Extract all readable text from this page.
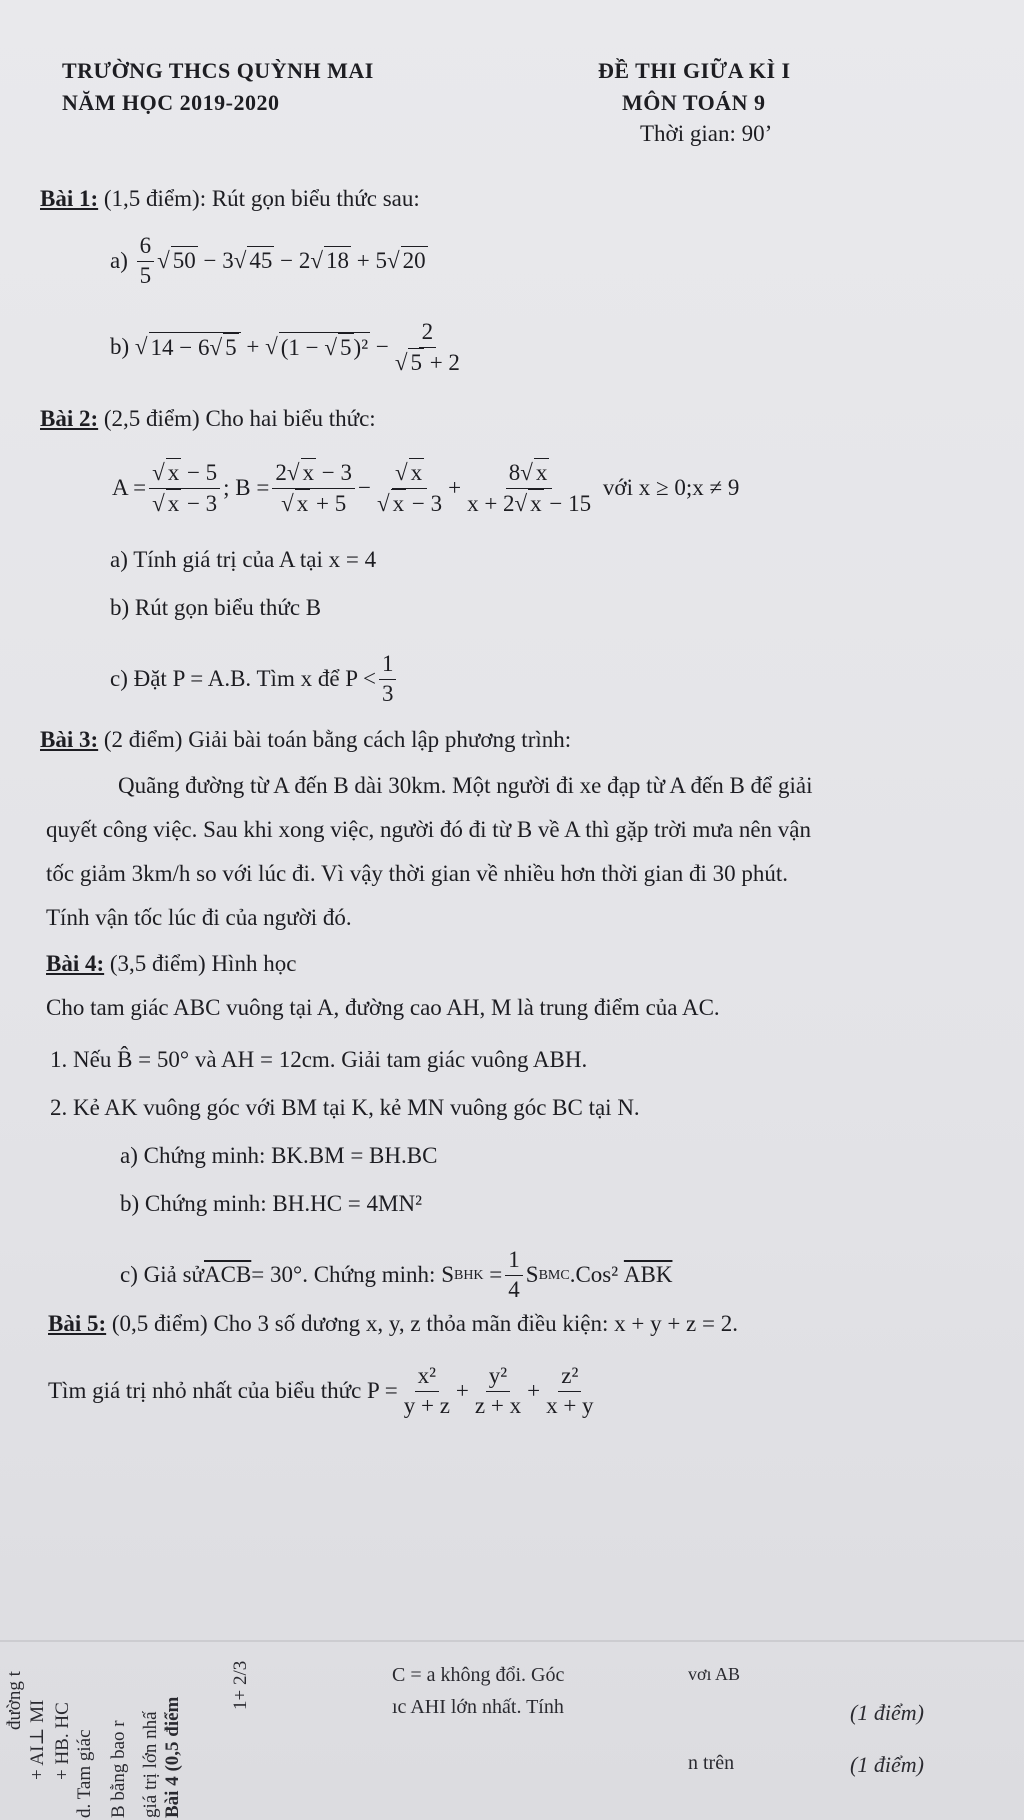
TRƯỜNG THCS QUỲNH MAI
NĂM HỌC 2019-2020
ĐỀ THI GIỮA KÌ I
MÔN TOÁN 9
Thời gian: 90’
Bài 1: (1,5 điểm): Rút gọn biểu thức sau:
a)
$\frac{6}{5}$ √ 50 − 3 √ 45 − 2 √ 18 + 5 √ 20
b)
√ 14 − 6 √ 5 + √ (1 − √ 5)² − 2
√ 5 + 2
Bài 2: (2,5 điểm) Cho hai biểu thức:
A = √ x − 5
√ x − 3 ; B = 2 √ x − 3
√ x + 5 − √ x
√ $x - 3 + \frac{8 √ x}{x + 2 √ x - 15}$
với x ≥ 0;x ≠ 9
a) Tính giá trị của A tại x = 4
b) Rút gọn biểu thức B
c) Đặt P = A.B. Tìm x để $P < \frac{1}{3}$
Bài 3: (2 điểm) Giải bài toán bằng cách lập phương trình:
Quãng đường từ A đến B dài 30km. Một người đi xe đạp từ A đến B để giải
quyết công việc. Sau khi xong việc, người đó đi từ B về A thì gặp trời mưa nên vận
tốc giảm 3km/h so với lúc đi. Vì vậy thời gian về nhiều hơn thời gian đi 30 phút.
Tính vận tốc lúc đi của người đó.
Bài 4: (3,5 điểm) Hình học
Cho tam giác ABC vuông tại A, đường cao AH, M là trung điểm của AC.
1. Nếu B̂ = 50° và AH = 12cm. Giải tam giác vuông ABH.
2. Kẻ AK vuông góc với BM tại K, kẻ MN vuông góc BC tại N.
a) Chứng minh: BK.BM = BH.BC
b) Chứng minh: BH.HC = 4MN²
c) Giả sử $\overline{ACB} = 30^\circ$. Chứng minh: S BHK = $\frac{1}{4}$ S BMC .Cos²
$\overline{ABK}$
Bài 5: (0,5 điểm) Cho 3 số dương x, y, z thỏa mãn điều kiện: x + y + z = 2.
Tìm giá trị nhỏ nhất của biểu thức $P = \frac{\text{x²}}{y + z} + \frac{\text{y²}}{z + x} + \frac{\text{z²}}{x + y}$
C = a không đổi. Góc
ıc AHI lớn nhất. Tính
vơı AB
(1 điểm)
(1 điểm)
n trên
d. Tam giác B bằng bao r giá trị lớn nhấ Bài 4 (0,5 điểm
+ AI⊥ MI + HB. HC
đường t	1+ 2/3
